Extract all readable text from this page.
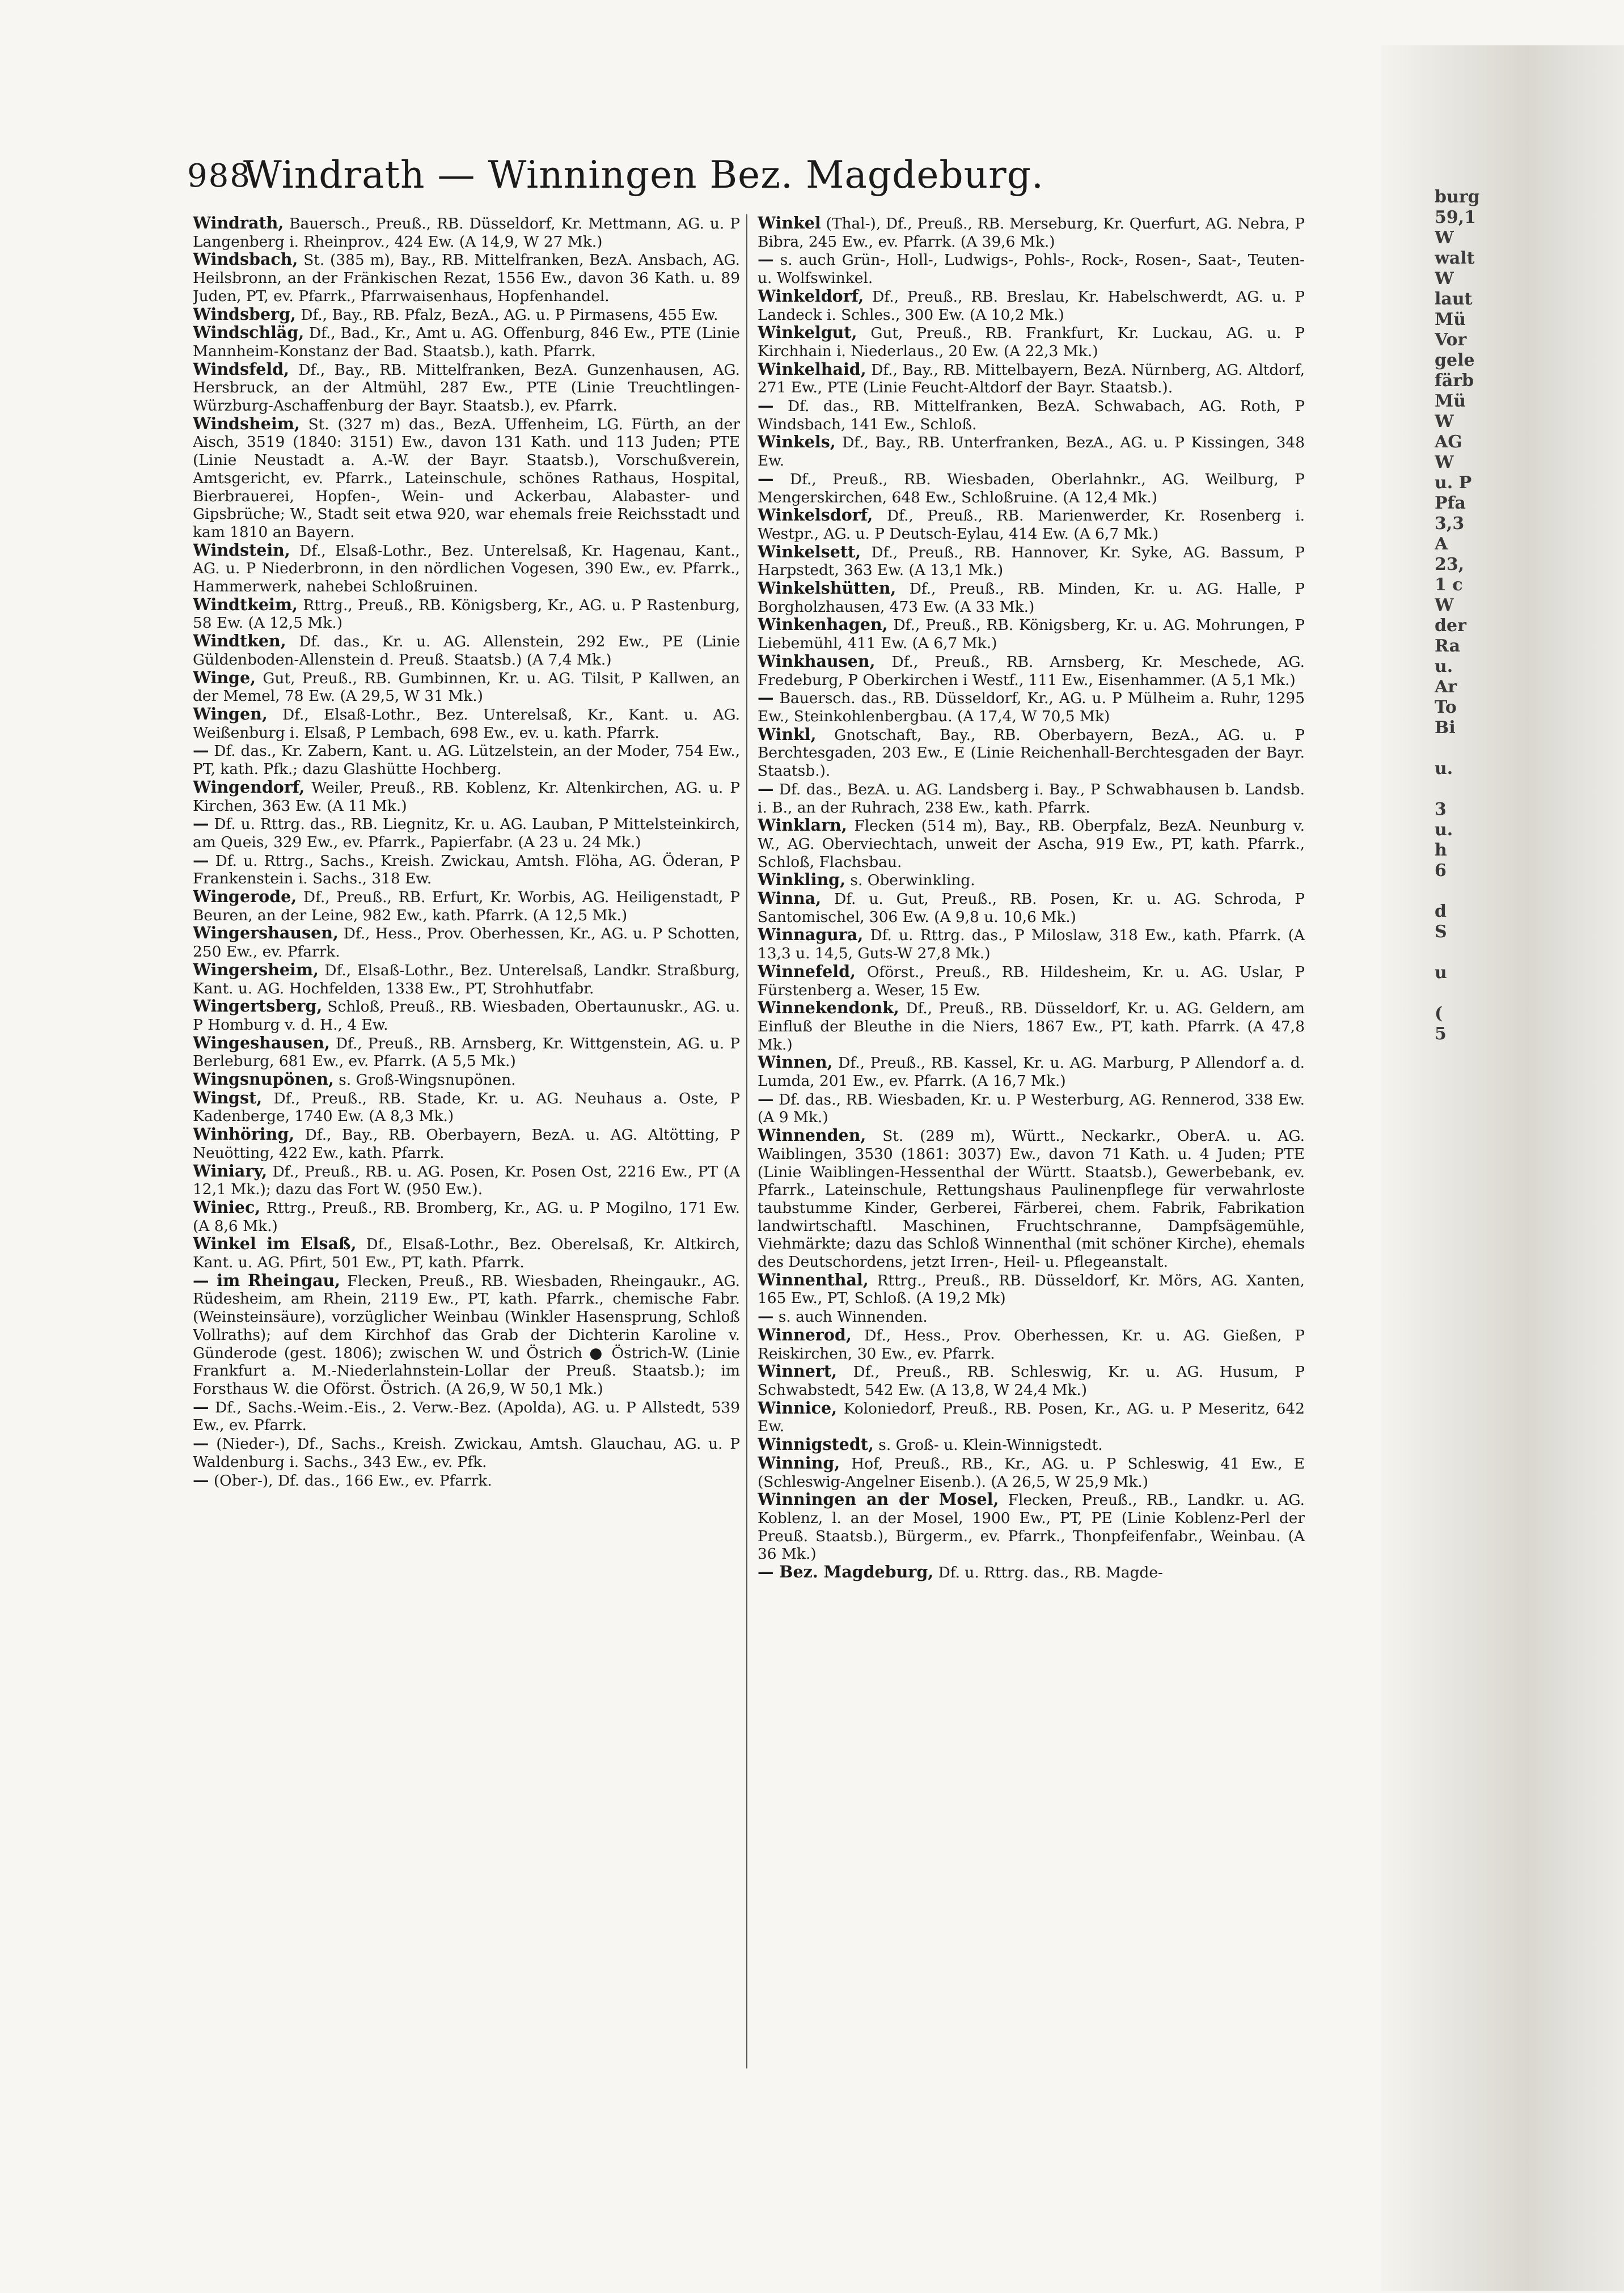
988
Windrath — Winningen Bez. Magdeburg.

Windrath, Bauersch., Preuß., RB. Düsseldorf, Kr. Mettmann, AG. u. P Langenberg i. Rheinprov., 424 Ew. (A 14,9, W 27 Mk.)

Windsbach, St. (385 m), Bay., RB. Mittelfranken, BezA. Ansbach, AG. Heilsbronn, an der Fränkischen Rezat, 1556 Ew., davon 36 Kath. u. 89 Juden, PT, ev. Pfarrk., Pfarrwaisenhaus, Hopfenhandel.

Windsberg, Df., Bay., RB. Pfalz, BezA., AG. u. P Pirmasens, 455 Ew.

Windschläg, Df., Bad., Kr., Amt u. AG. Offenburg, 846 Ew., PTE (Linie Mannheim-Konstanz der Bad. Staatsb.), kath. Pfarrk.

Windsfeld, Df., Bay., RB. Mittelfranken, BezA. Gunzenhausen, AG. Hersbruck, an der Altmühl, 287 Ew., PTE (Linie Treuchtlingen-Würzburg-Aschaffenburg der Bayr. Staatsb.), ev. Pfarrk.

Windsheim, St. (327 m) das., BezA. Uffenheim, LG. Fürth, an der Aisch, 3519 (1840: 3151) Ew., davon 131 Kath. und 113 Juden; PTE (Linie Neustadt a. A.-W. der Bayr. Staatsb.), Vorschußverein, Amtsgericht, ev. Pfarrk., Lateinschule, schönes Rathaus, Hospital, Bierbrauerei, Hopfen-, Wein- und Ackerbau, Alabaster- und Gipsbrüche; W., Stadt seit etwa 920, war ehemals freie Reichsstadt und kam 1810 an Bayern.

Windstein, Df., Elsaß-Lothr., Bez. Unterelsaß, Kr. Hagenau, Kant., AG. u. P Niederbronn, in den nördlichen Vogesen, 390 Ew., ev. Pfarrk., Hammerwerk, nahebei Schloßruinen.

Windtkeim, Rttrg., Preuß., RB. Königsberg, Kr., AG. u. P Rastenburg, 58 Ew. (A 12,5 Mk.)

Windtken, Df. das., Kr. u. AG. Allenstein, 292 Ew., PE (Linie Güldenboden-Allenstein d. Preuß. Staatsb.) (A 7,4 Mk.)

Winge, Gut, Preuß., RB. Gumbinnen, Kr. u. AG. Tilsit, P Kallwen, an der Memel, 78 Ew. (A 29,5, W 31 Mk.)

Wingen, Df., Elsaß-Lothr., Bez. Unterelsaß, Kr., Kant. u. AG. Weißenburg i. Elsaß, P Lembach, 698 Ew., ev. u. kath. Pfarrk.

— Df. das., Kr. Zabern, Kant. u. AG. Lützelstein, an der Moder, 754 Ew., PT, kath. Pfk.; dazu Glashütte Hochberg.

Wingendorf, Weiler, Preuß., RB. Koblenz, Kr. Altenkirchen, AG. u. P Kirchen, 363 Ew. (A 11 Mk.)

— Df. u. Rttrg. das., RB. Liegnitz, Kr. u. AG. Lauban, P Mittelsteinkirch, am Queis, 329 Ew., ev. Pfarrk., Papierfabr. (A 23 u. 24 Mk.)

— Df. u. Rttrg., Sachs., Kreish. Zwickau, Amtsh. Flöha, AG. Öderan, P Frankenstein i. Sachs., 318 Ew.

Wingerode, Df., Preuß., RB. Erfurt, Kr. Worbis, AG. Heiligenstadt, P Beuren, an der Leine, 982 Ew., kath. Pfarrk. (A 12,5 Mk.)

Wingershausen, Df., Hess., Prov. Oberhessen, Kr., AG. u. P Schotten, 250 Ew., ev. Pfarrk.

Wingersheim, Df., Elsaß-Lothr., Bez. Unterelsaß, Landkr. Straßburg, Kant. u. AG. Hochfelden, 1338 Ew., PT, Strohhutfabr.

Wingertsberg, Schloß, Preuß., RB. Wiesbaden, Obertaunuskr., AG. u. P Homburg v. d. H., 4 Ew.

Wingeshausen, Df., Preuß., RB. Arnsberg, Kr. Wittgenstein, AG. u. P Berleburg, 681 Ew., ev. Pfarrk. (A 5,5 Mk.)

Wingsnupönen, s. Groß-Wingsnupönen.

Wingst, Df., Preuß., RB. Stade, Kr. u. AG. Neuhaus a. Oste, P Kadenberge, 1740 Ew. (A 8,3 Mk.)

Winhöring, Df., Bay., RB. Oberbayern, BezA. u. AG. Altötting, P Neuötting, 422 Ew., kath. Pfarrk.

Winiary, Df., Preuß., RB. u. AG. Posen, Kr. Posen Ost, 2216 Ew., PT (A 12,1 Mk.); dazu das Fort W. (950 Ew.).

Winiec, Rttrg., Preuß., RB. Bromberg, Kr., AG. u. P Mogilno, 171 Ew. (A 8,6 Mk.)

Winkel im Elsaß, Df., Elsaß-Lothr., Bez. Oberelsaß, Kr. Altkirch, Kant. u. AG. Pfirt, 501 Ew., PT, kath. Pfarrk.

— im Rheingau, Flecken, Preuß., RB. Wiesbaden, Rheingaukr., AG. Rüdesheim, am Rhein, 2119 Ew., PT, kath. Pfarrk., chemische Fabr. (Weinsteinsäure), vorzüglicher Weinbau (Winkler Hasensprung, Schloß Vollraths); auf dem Kirchhof das Grab der Dichterin Karoline v. Günderode (gest. 1806); zwischen W. und Östrich ● Östrich-W. (Linie Frankfurt a. M.-Niederlahnstein-Lollar der Preuß. Staatsb.); im Forsthaus W. die Oförst. Östrich. (A 26,9, W 50,1 Mk.)

— Df., Sachs.-Weim.-Eis., 2. Verw.-Bez. (Apolda), AG. u. P Allstedt, 539 Ew., ev. Pfarrk.

— (Nieder-), Df., Sachs., Kreish. Zwickau, Amtsh. Glauchau, AG. u. P Waldenburg i. Sachs., 343 Ew., ev. Pfk.

— (Ober-), Df. das., 166 Ew., ev. Pfarrk.

Winkel (Thal-), Df., Preuß., RB. Merseburg, Kr. Querfurt, AG. Nebra, P Bibra, 245 Ew., ev. Pfarrk. (A 39,6 Mk.)

— s. auch Grün-, Holl-, Ludwigs-, Pohls-, Rock-, Rosen-, Saat-, Teuten- u. Wolfswinkel.

Winkeldorf, Df., Preuß., RB. Breslau, Kr. Habelschwerdt, AG. u. P Landeck i. Schles., 300 Ew. (A 10,2 Mk.)

Winkelgut, Gut, Preuß., RB. Frankfurt, Kr. Luckau, AG. u. P Kirchhain i. Niederlaus., 20 Ew. (A 22,3 Mk.)

Winkelhaid, Df., Bay., RB. Mittelbayern, BezA. Nürnberg, AG. Altdorf, 271 Ew., PTE (Linie Feucht-Altdorf der Bayr. Staatsb.).

— Df. das., RB. Mittelfranken, BezA. Schwabach, AG. Roth, P Windsbach, 141 Ew., Schloß.

Winkels, Df., Bay., RB. Unterfranken, BezA., AG. u. P Kissingen, 348 Ew.

— Df., Preuß., RB. Wiesbaden, Oberlahnkr., AG. Weilburg, P Mengerskirchen, 648 Ew., Schloßruine. (A 12,4 Mk.)

Winkelsdorf, Df., Preuß., RB. Marienwerder, Kr. Rosenberg i. Westpr., AG. u. P Deutsch-Eylau, 414 Ew. (A 6,7 Mk.)

Winkelsett, Df., Preuß., RB. Hannover, Kr. Syke, AG. Bassum, P Harpstedt, 363 Ew. (A 13,1 Mk.)

Winkelshütten, Df., Preuß., RB. Minden, Kr. u. AG. Halle, P Borgholzhausen, 473 Ew. (A 33 Mk.)

Winkenhagen, Df., Preuß., RB. Königsberg, Kr. u. AG. Mohrungen, P Liebemühl, 411 Ew. (A 6,7 Mk.)

Winkhausen, Df., Preuß., RB. Arnsberg, Kr. Meschede, AG. Fredeburg, P Oberkirchen i Westf., 111 Ew., Eisenhammer. (A 5,1 Mk.)

— Bauersch. das., RB. Düsseldorf, Kr., AG. u. P Mülheim a. Ruhr, 1295 Ew., Steinkohlenbergbau. (A 17,4, W 70,5 Mk)

Winkl, Gnotschaft, Bay., RB. Oberbayern, BezA., AG. u. P Berchtesgaden, 203 Ew., E (Linie Reichenhall-Berchtesgaden der Bayr. Staatsb.).

— Df. das., BezA. u. AG. Landsberg i. Bay., P Schwabhausen b. Landsb. i. B., an der Ruhrach, 238 Ew., kath. Pfarrk.

Winklarn, Flecken (514 m), Bay., RB. Oberpfalz, BezA. Neunburg v. W., AG. Oberviechtach, unweit der Ascha, 919 Ew., PT, kath. Pfarrk., Schloß, Flachsbau.

Winkling, s. Oberwinkling.

Winna, Df. u. Gut, Preuß., RB. Posen, Kr. u. AG. Schroda, P Santomischel, 306 Ew. (A 9,8 u. 10,6 Mk.)

Winnagura, Df. u. Rttrg. das., P Miloslaw, 318 Ew., kath. Pfarrk. (A 13,3 u. 14,5, Guts-W 27,8 Mk.)

Winnefeld, Oförst., Preuß., RB. Hildesheim, Kr. u. AG. Uslar, P Fürstenberg a. Weser, 15 Ew.

Winnekendonk, Df., Preuß., RB. Düsseldorf, Kr. u. AG. Geldern, am Einfluß der Bleuthe in die Niers, 1867 Ew., PT, kath. Pfarrk. (A 47,8 Mk.)

Winnen, Df., Preuß., RB. Kassel, Kr. u. AG. Marburg, P Allendorf a. d. Lumda, 201 Ew., ev. Pfarrk. (A 16,7 Mk.)

— Df. das., RB. Wiesbaden, Kr. u. P Westerburg, AG. Rennerod, 338 Ew. (A 9 Mk.)

Winnenden, St. (289 m), Württ., Neckarkr., OberA. u. AG. Waiblingen, 3530 (1861: 3037) Ew., davon 71 Kath. u. 4 Juden; PTE (Linie Waiblingen-Hessenthal der Württ. Staatsb.), Gewerbebank, ev. Pfarrk., Lateinschule, Rettungshaus Paulinenpflege für verwahrloste taubstumme Kinder, Gerberei, Färberei, chem. Fabrik, Fabrikation landwirtschaftl. Maschinen, Fruchtschranne, Dampfsägemühle, Viehmärkte; dazu das Schloß Winnenthal (mit schöner Kirche), ehemals des Deutschordens, jetzt Irren-, Heil- u. Pflegeanstalt.

Winnenthal, Rttrg., Preuß., RB. Düsseldorf, Kr. Mörs, AG. Xanten, 165 Ew., PT, Schloß. (A 19,2 Mk)

— s. auch Winnenden.

Winnerod, Df., Hess., Prov. Oberhessen, Kr. u. AG. Gießen, P Reiskirchen, 30 Ew., ev. Pfarrk.

Winnert, Df., Preuß., RB. Schleswig, Kr. u. AG. Husum, P Schwabstedt, 542 Ew. (A 13,8, W 24,4 Mk.)

Winnice, Koloniedorf, Preuß., RB. Posen, Kr., AG. u. P Meseritz, 642 Ew.

Winnigstedt, s. Groß- u. Klein-Winnigstedt.

Winning, Hof, Preuß., RB., Kr., AG. u. P Schleswig, 41 Ew., E (Schleswig-Angelner Eisenb.). (A 26,5, W 25,9 Mk.)

Winningen an der Mosel, Flecken, Preuß., RB., Landkr. u. AG. Koblenz, l. an der Mosel, 1900 Ew., PT, PE (Linie Koblenz-Perl der Preuß. Staatsb.), Bürgerm., ev. Pfarrk., Thonpfeifenfabr., Weinbau. (A 36 Mk.)

— Bez. Magdeburg, Df. u. Rttrg. das., RB. Magde-

burg
59,1
W
walt
W
laut
Mü
Vor
gele
färb
Mü
W
AG
W
u. P
Pfa
3,3
A
23,
1 c
W
der
Ra
u.
Ar
To
Bi
u.
3
u.
h
6
d
S
u
(
5
